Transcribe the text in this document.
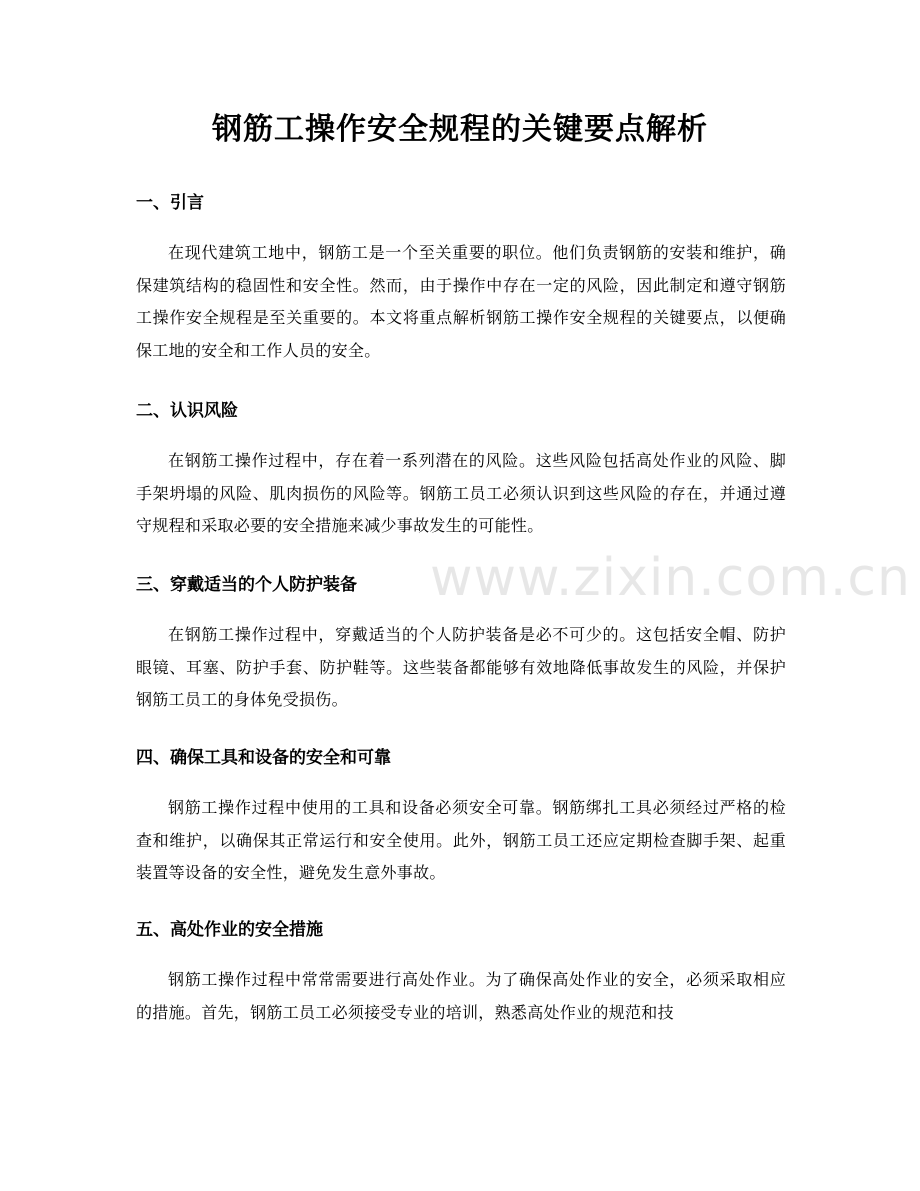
钢筋工操作安全规程的关键要点解析
一、引言

在现代建筑工地中，钢筋工是一个至关重要的职位。他们负责钢筋的安装和维护，确保建筑结构的稳固性和安全性。然而，由于操作中存在一定的风险，因此制定和遵守钢筋工操作安全规程是至关重要的。本文将重点解析钢筋工操作安全规程的关键要点，以便确保工地的安全和工作人员的安全。

二、认识风险

在钢筋工操作过程中，存在着一系列潜在的风险。这些风险包括高处作业的风险、脚手架坍塌的风险、肌肉损伤的风险等。钢筋工员工必须认识到这些风险的存在，并通过遵守规程和采取必要的安全措施来减少事故发生的可能性。

三、穿戴适当的个人防护装备

在钢筋工操作过程中，穿戴适当的个人防护装备是必不可少的。这包括安全帽、防护眼镜、耳塞、防护手套、防护鞋等。这些装备都能够有效地降低事故发生的风险，并保护钢筋工员工的身体免受损伤。

四、确保工具和设备的安全和可靠

钢筋工操作过程中使用的工具和设备必须安全可靠。钢筋绑扎工具必须经过严格的检查和维护，以确保其正常运行和安全使用。此外，钢筋工员工还应定期检查脚手架、起重装置等设备的安全性，避免发生意外事故。

五、高处作业的安全措施

钢筋工操作过程中常常需要进行高处作业。为了确保高处作业的安全，必须采取相应的措施。首先，钢筋工员工必须接受专业的培训，熟悉高处作业的规范和技

www.zixin.com.cn
